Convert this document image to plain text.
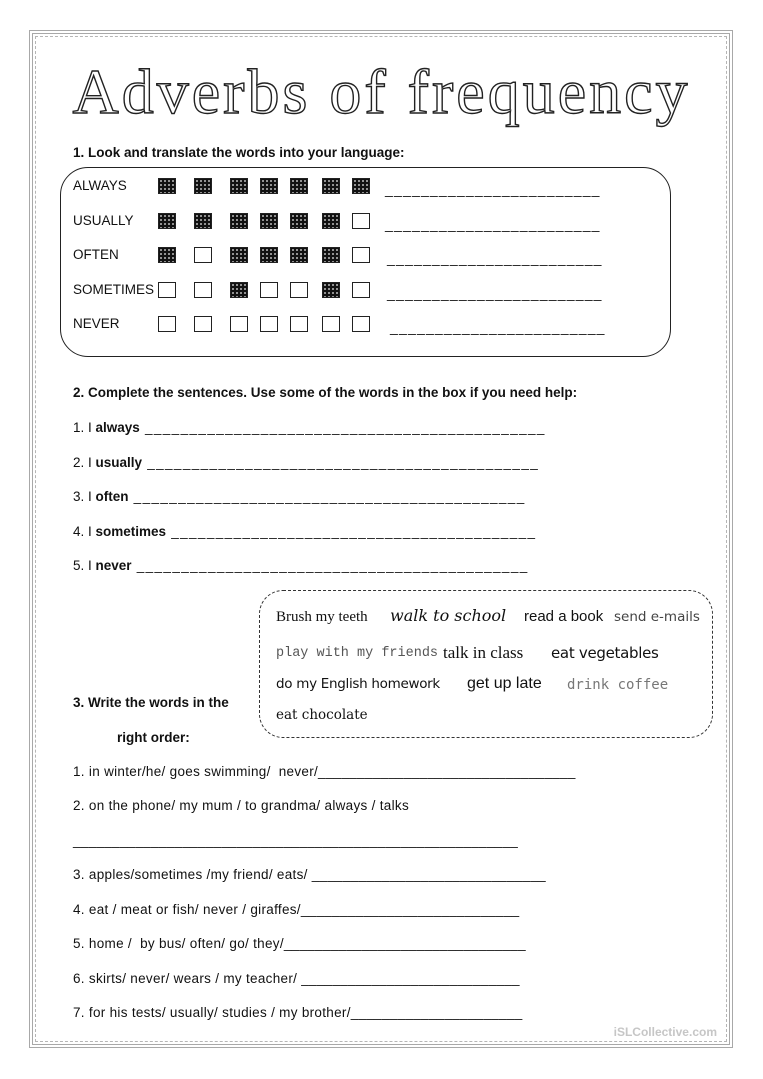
Adverbs of frequency
1. Look and translate the words into your language:
ALWAYS	________________________
USUALLY	________________________
OFTEN	________________________
SOMETIMES	________________________
NEVER	________________________
2. Complete the sentences. Use some of the words in the box if you need help:
1. I always _____________________________________________
2. I usually ____________________________________________
3. I often ____________________________________________
4. I sometimes _________________________________________
5. I never ____________________________________________
Brush my teeth walk to school read a book send e-mails
play with my friends talk in class eat vegetables
do my English homework get up late drink coffee
eat chocolate
3. Write the words in the
right order:
1. in winter/he/ goes swimming/  never/_________________________________
2. on the phone/ my mum / to grandma/ always / talks
_________________________________________________________
3. apples/sometimes /my friend/ eats/ ______________________________
4. eat / meat or fish/ never / giraffes/____________________________
5. home /  by bus/ often/ go/ they/_______________________________
6. skirts/ never/ wears / my teacher/ ____________________________
7. for his tests/ usually/ studies / my brother/______________________
iSLCollective.com
